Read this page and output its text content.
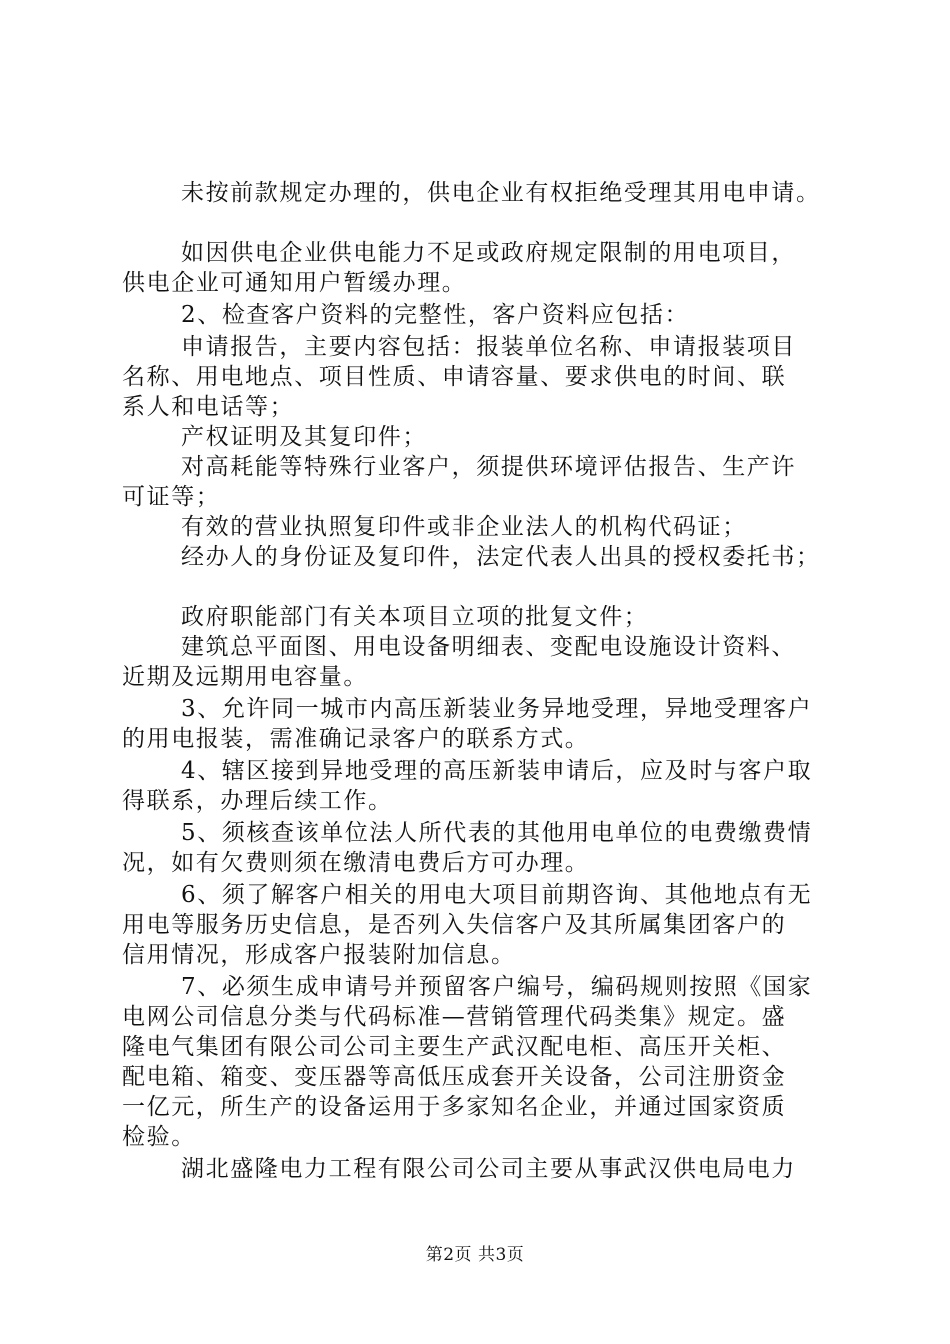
未按前款规定办理的，供电企业有权拒绝受理其用电申请。
如因供电企业供电能力不足或政府规定限制的用电项目，
供电企业可通知用户暂缓办理。
2、检查客户资料的完整性，客户资料应包括：
申请报告，主要内容包括：报装单位名称、申请报装项目
名称、用电地点、项目性质、申请容量、要求供电的时间、联
系人和电话等；
产权证明及其复印件；
对高耗能等特殊行业客户，须提供环境评估报告、生产许
可证等；
有效的营业执照复印件或非企业法人的机构代码证；
经办人的身份证及复印件，法定代表人出具的授权委托书；
政府职能部门有关本项目立项的批复文件；
建筑总平面图、用电设备明细表、变配电设施设计资料、
近期及远期用电容量。
3、允许同一城市内高压新装业务异地受理，异地受理客户
的用电报装，需准确记录客户的联系方式。
4、辖区接到异地受理的高压新装申请后，应及时与客户取
得联系，办理后续工作。
5、须核查该单位法人所代表的其他用电单位的电费缴费情
况，如有欠费则须在缴清电费后方可办理。
6、须了解客户相关的用电大项目前期咨询、其他地点有无
用电等服务历史信息，是否列入失信客户及其所属集团客户的
信用情况，形成客户报装附加信息。
7、必须生成申请号并预留客户编号，编码规则按照《国家
电网公司信息分类与代码标准—营销管理代码类集》规定。盛
隆电气集团有限公司公司主要生产武汉配电柜、高压开关柜、
配电箱、箱变、变压器等高低压成套开关设备，公司注册资金
一亿元，所生产的设备运用于多家知名企业，并通过国家资质
检验。
湖北盛隆电力工程有限公司公司主要从事武汉供电局电力
第2页 共3页
